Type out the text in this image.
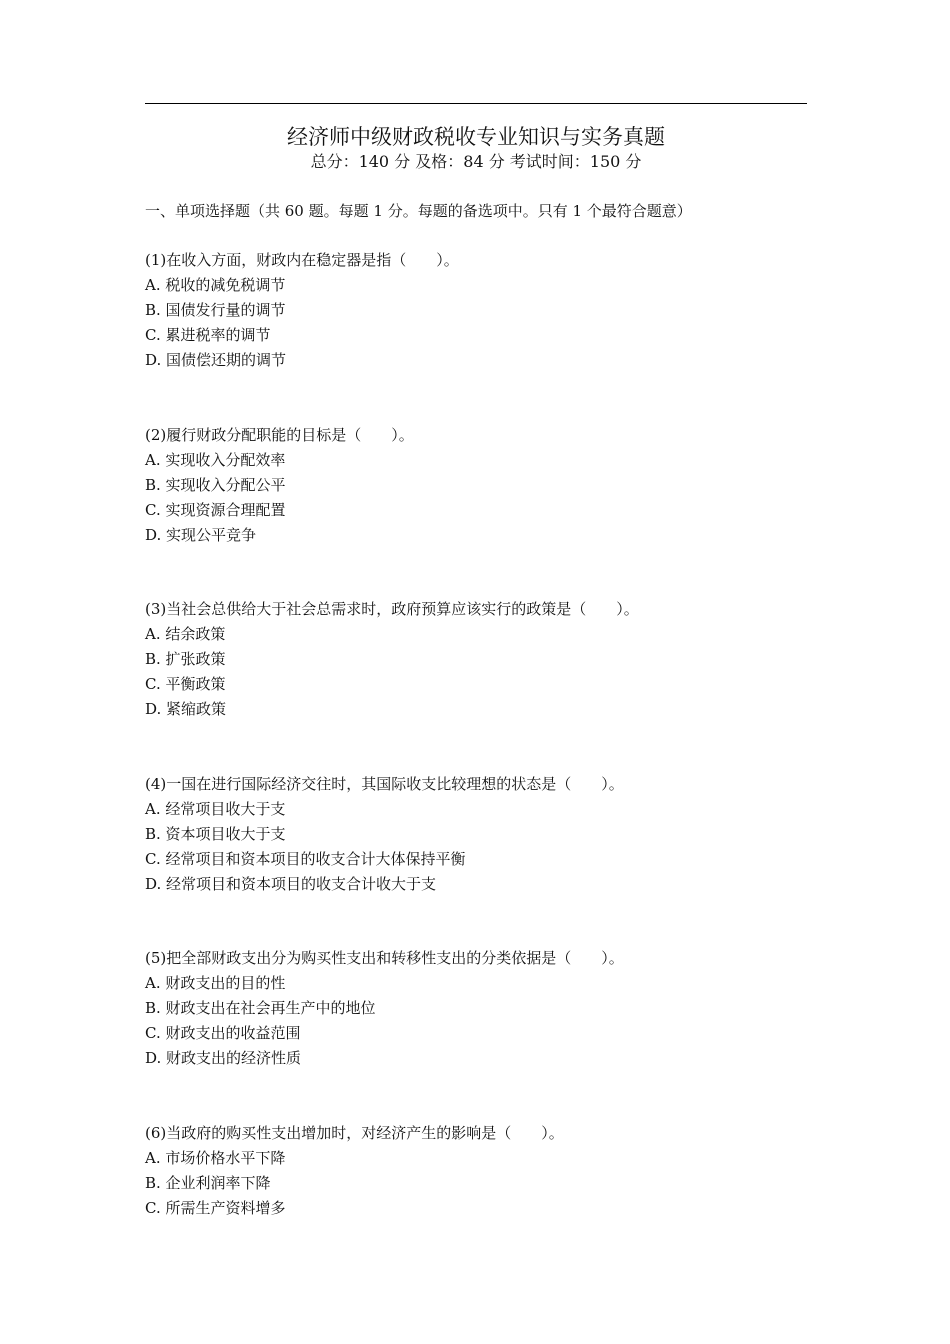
经济师中级财政税收专业知识与实务真题
总分：140 分 及格：84 分 考试时间：150 分
一、单项选择题（共 60 题。每题 1 分。每题的备选项中。只有 1 个最符合题意）
(1)在收入方面，财政内在稳定器是指（　　）。
A. 税收的减免税调节
B. 国债发行量的调节
C. 累进税率的调节
D. 国债偿还期的调节
(2)履行财政分配职能的目标是（　　）。
A. 实现收入分配效率
B. 实现收入分配公平
C. 实现资源合理配置
D. 实现公平竞争
(3)当社会总供给大于社会总需求时，政府预算应该实行的政策是（　　）。
A. 结余政策
B. 扩张政策
C. 平衡政策
D. 紧缩政策
(4)一国在进行国际经济交往时，其国际收支比较理想的状态是（　　）。
A. 经常项目收大于支
B. 资本项目收大于支
C. 经常项目和资本项目的收支合计大体保持平衡
D. 经常项目和资本项目的收支合计收大于支
(5)把全部财政支出分为购买性支出和转移性支出的分类依据是（　　）。
A. 财政支出的目的性
B. 财政支出在社会再生产中的地位
C. 财政支出的收益范围
D. 财政支出的经济性质
(6)当政府的购买性支出增加时，对经济产生的影响是（　　）。
A. 市场价格水平下降
B. 企业利润率下降
C. 所需生产资料增多
